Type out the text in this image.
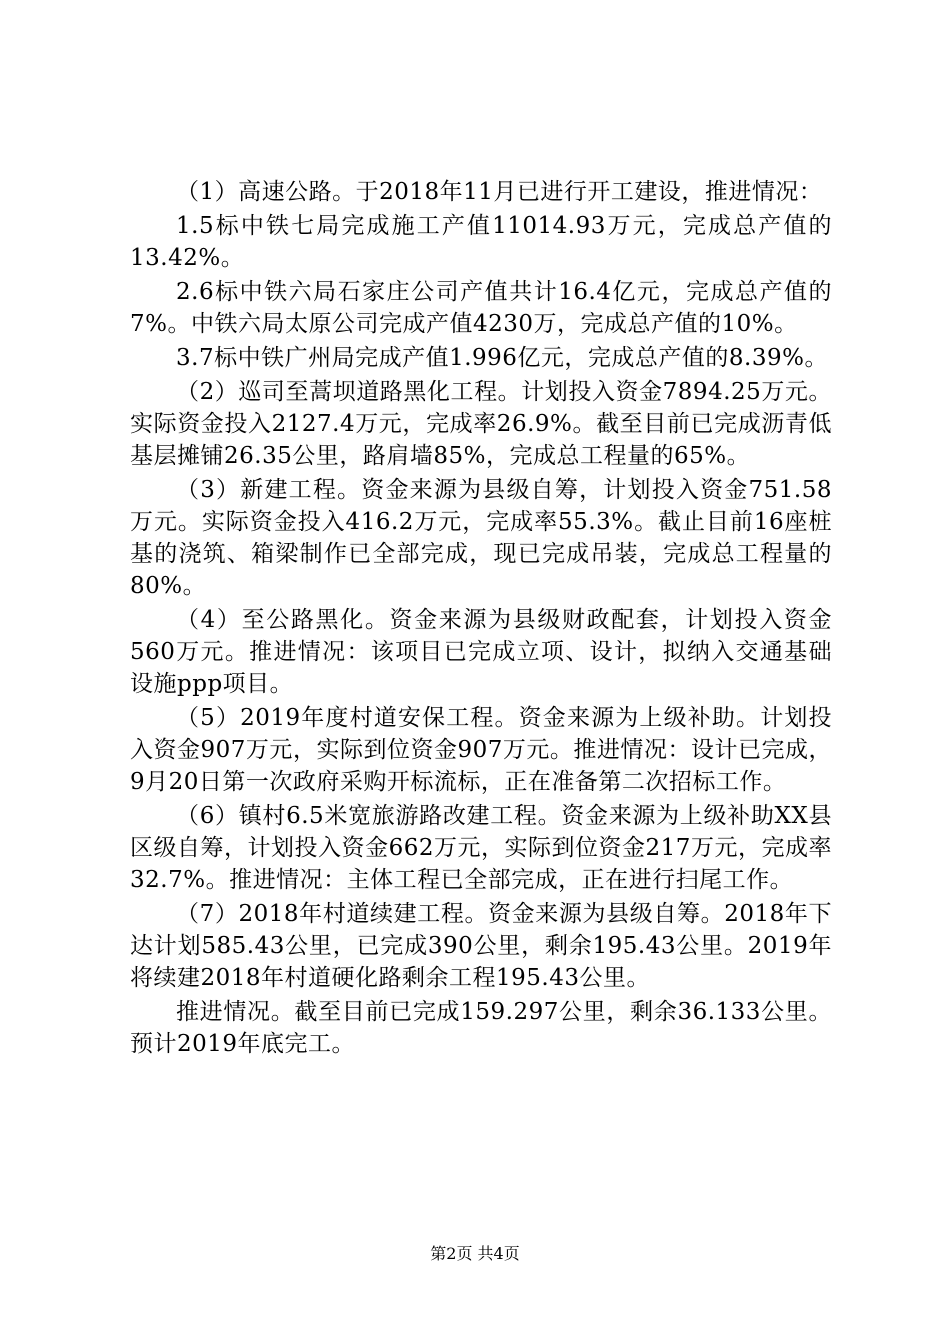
（1）高速公路。于2018年11月已进行开工建设，推进情况：

1.5标中铁七局完成施工产值11014.93万元，完成总产值的13.42%。

2.6标中铁六局石家庄公司产值共计16.4亿元，完成总产值的7%。中铁六局太原公司完成产值4230万，完成总产值的10%。

3.7标中铁广州局完成产值1.996亿元，完成总产值的8.39%。

（2）巡司至蒿坝道路黑化工程。计划投入资金7894.25万元。实际资金投入2127.4万元，完成率26.9%。截至目前已完成沥青低基层摊铺26.35公里，路肩墙85%，完成总工程量的65%。

（3）新建工程。资金来源为县级自筹，计划投入资金751.58万元。实际资金投入416.2万元，完成率55.3%。截止目前16座桩基的浇筑、箱梁制作已全部完成，现已完成吊装，完成总工程量的80%。

（4）至公路黑化。资金来源为县级财政配套，计划投入资金560万元。推进情况：该项目已完成立项、设计，拟纳入交通基础设施ppp项目。

（5）2019年度村道安保工程。资金来源为上级补助。计划投入资金907万元，实际到位资金907万元。推进情况：设计已完成，9月20日第一次政府采购开标流标，正在准备第二次招标工作。

（6）镇村6.5米宽旅游路改建工程。资金来源为上级补助XX县区级自筹，计划投入资金662万元，实际到位资金217万元，完成率32.7%。推进情况：主体工程已全部完成，正在进行扫尾工作。

（7）2018年村道续建工程。资金来源为县级自筹。2018年下达计划585.43公里，已完成390公里，剩余195.43公里。2019年将续建2018年村道硬化路剩余工程195.43公里。

推进情况。截至目前已完成159.297公里，剩余36.133公里。预计2019年底完工。

第2页 共4页
